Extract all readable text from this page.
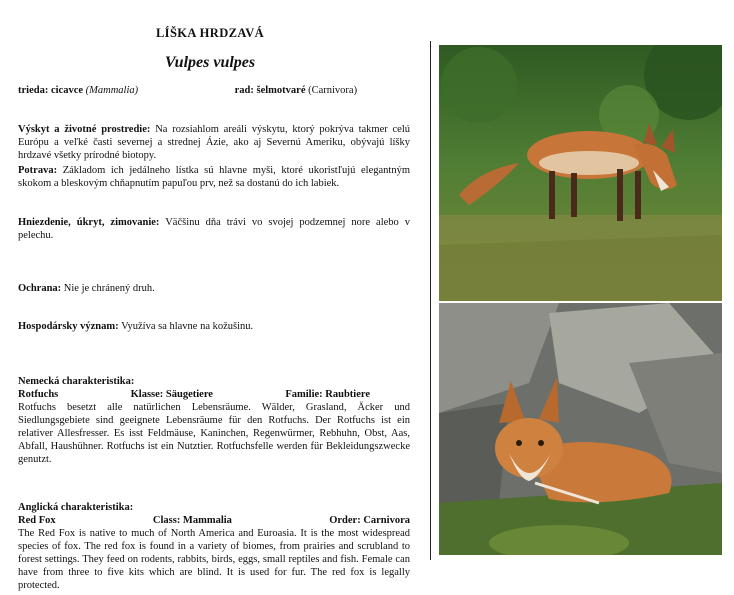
LÍŠKA HRDZAVÁ
Vulpes vulpes
trieda: cicavce (Mammalia)	rad: šelmotvaré (Carnivora)
Výskyt a životné prostredie: Na rozsiahlom areáli výskytu, ktorý pokrýva takmer celú Európu a veľké časti severnej a strednej Ázie, ako aj Severnú Ameriku, obývajú líšky hrdzavé všetky prírodné biotopy.
Potrava: Základom ich jedálneho lístka sú hlavne myši, ktoré ukoristľujú elegantným skokom a bleskovým chňapnutím papuľou prv, než sa dostanú do ich labiek.
Hniezdenie, úkryt, zimovanie: Väčšinu dňa trávi vo svojej podzemnej nore alebo v pelechu.
Ochrana: Nie je chránený druh.
Hospodársky význam: Využíva sa hlavne na kožušinu.
Nemecká charakteristika:
Rotfuchs	Klasse: Säugetiere	Familie: Raubtiere
Rotfuchs besetzt alle natürlichen Lebensräume. Wälder, Grasland, Äcker und Siedlungsgebiete sind geeignete Lebensräume für den Rotfuchs. Der Rotfuchs ist ein relativer Allesfresser. Es isst Feldmäuse, Kaninchen, Regenwürmer, Rebhuhn, Obst, Aas, Abfall, Haushühner. Rotfuchs ist ein Nutztier. Rotfuchsfelle werden für Bekleidungszwecke genutzt.
Anglická charakteristika:
Red Fox	Class: Mammalia	Order: Carnivora
The Red Fox is native to much of North America and Euroasia. It is the most widespread species of fox. The red fox is found in a variety of biomes, from prairies and scrubland to forest settings. They feed on rodents, rabbits, birds, eggs, small reptiles and fish. Female can have from three to five kits which are blind. It is used for fur. The red fox is legally protected.
